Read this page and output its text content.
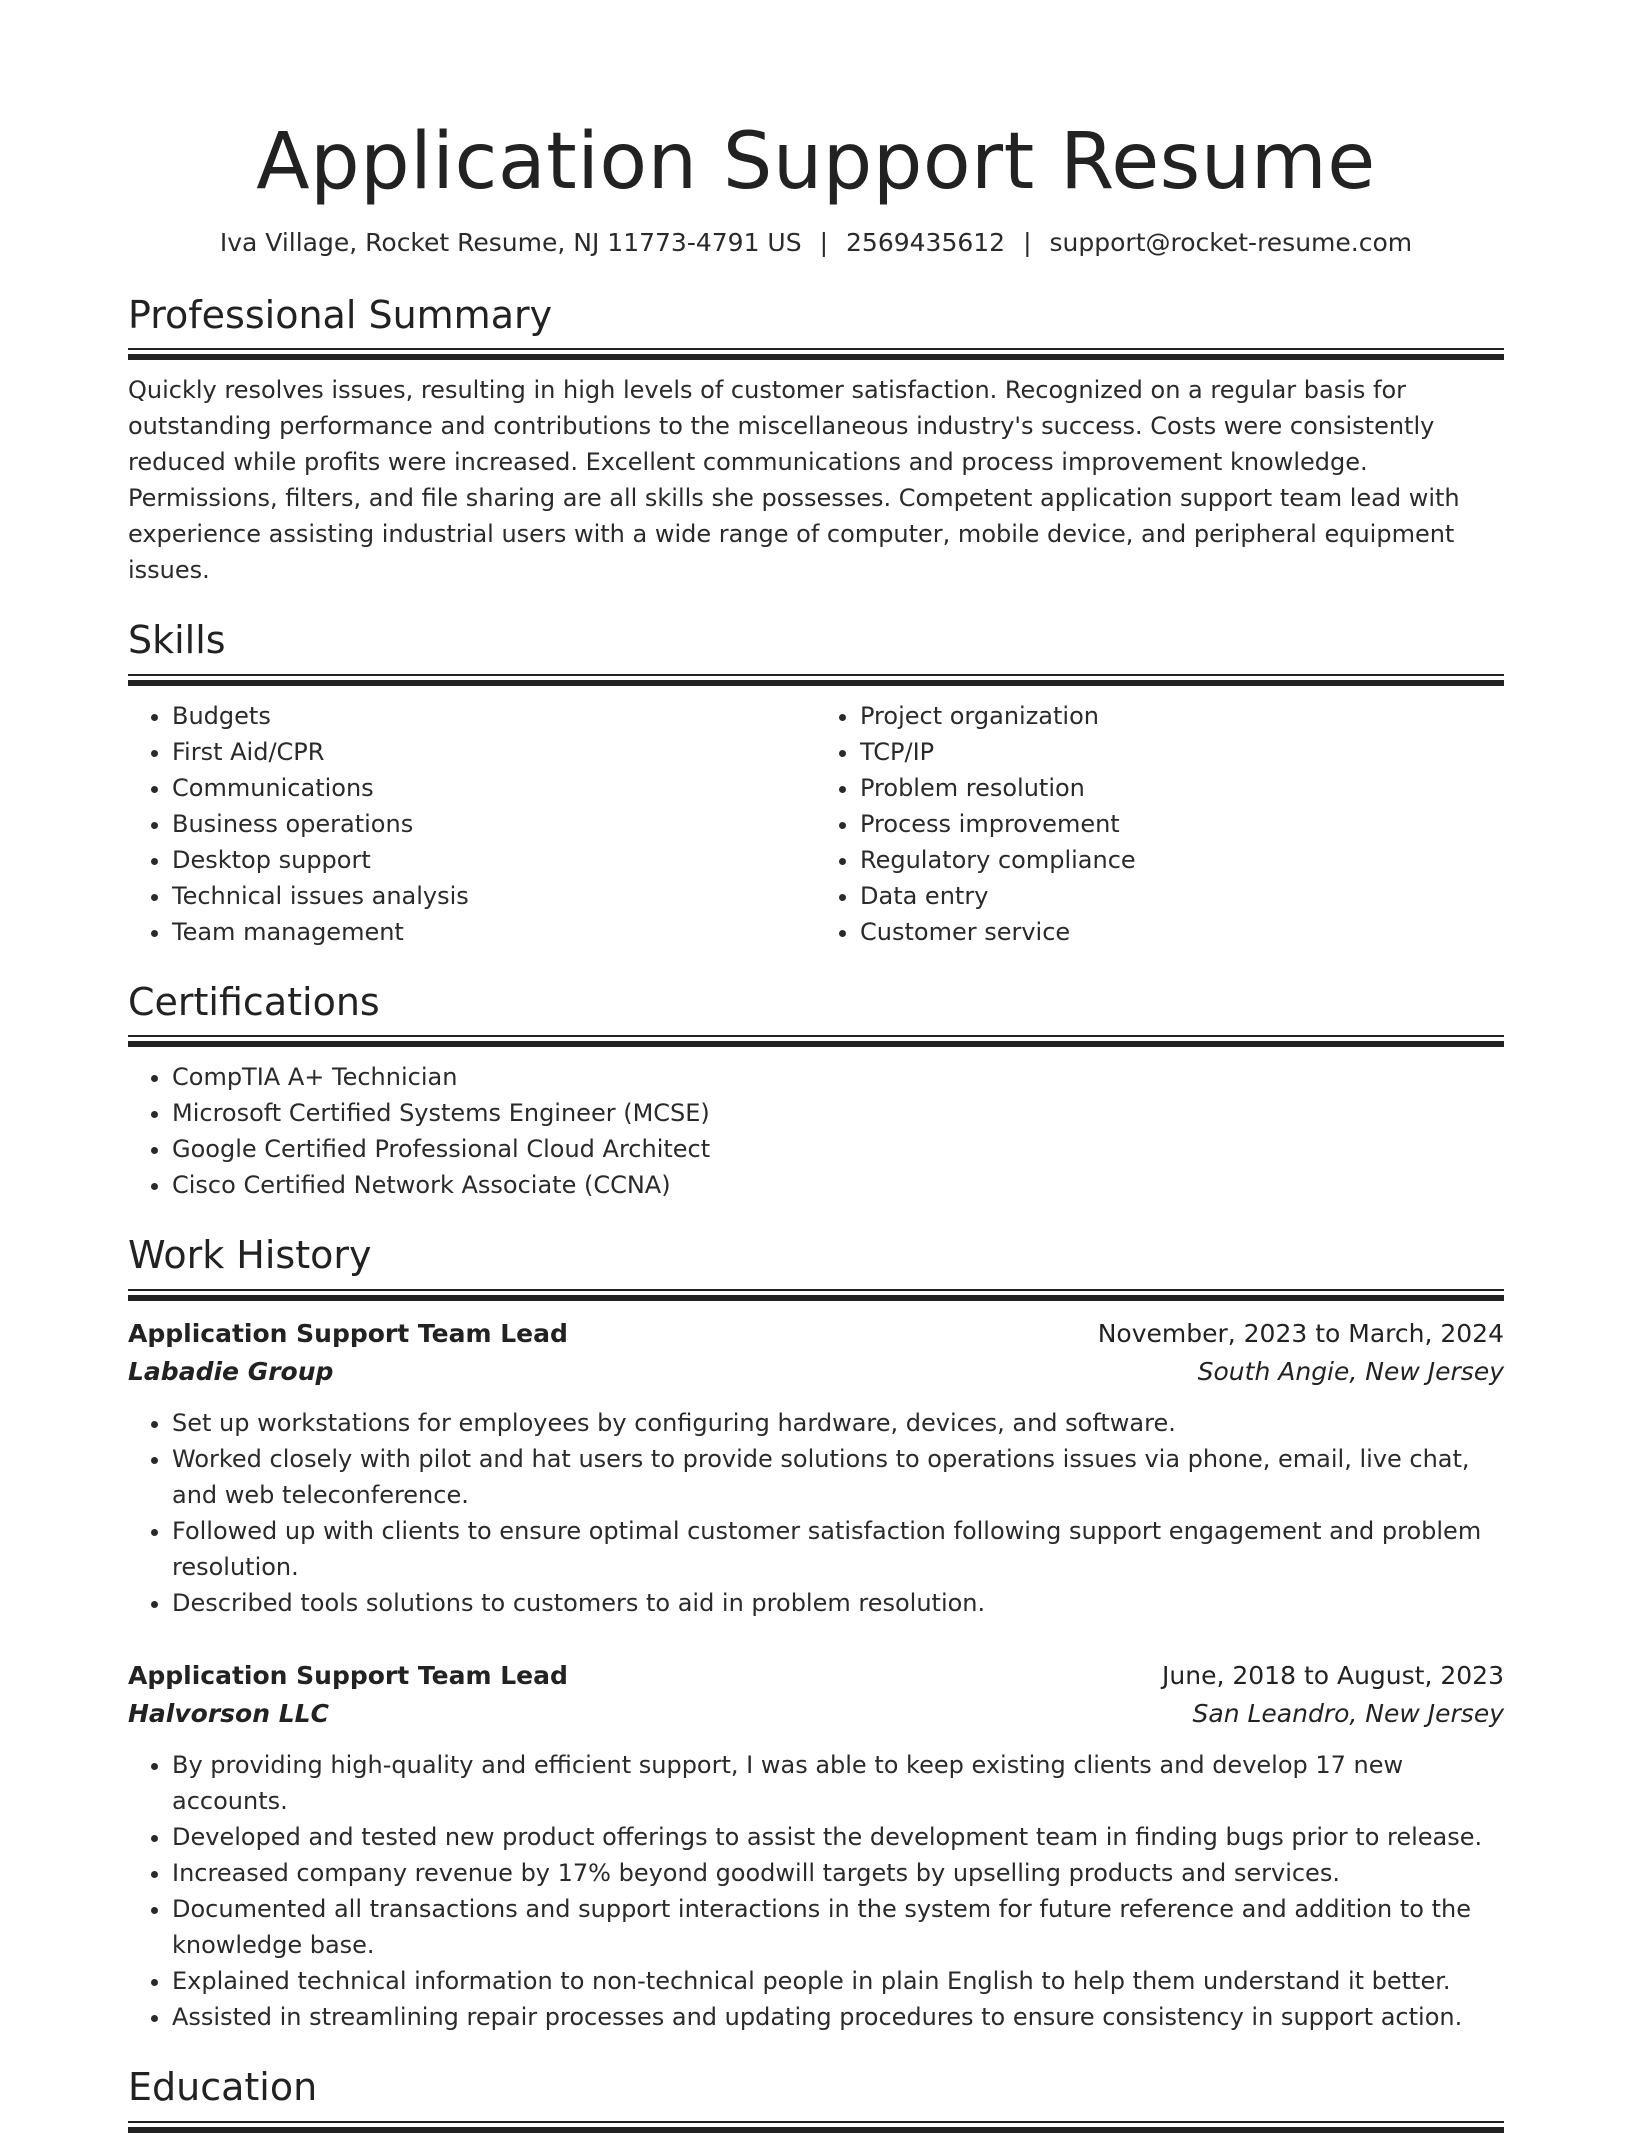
Application Support Resume
Iva Village, Rocket Resume, NJ 11773-4791 US | 2569435612 | support@rocket-resume.com
Professional Summary
Quickly resolves issues, resulting in high levels of customer satisfaction. Recognized on a regular basis for outstanding performance and contributions to the miscellaneous industry's success. Costs were consistently reduced while profits were increased. Excellent communications and process improvement knowledge. Permissions, filters, and file sharing are all skills she possesses. Competent application support team lead with experience assisting industrial users with a wide range of computer, mobile device, and peripheral equipment issues.
Skills
• Budgets
• First Aid/CPR
• Communications
• Business operations
• Desktop support
• Technical issues analysis
• Team management
• Project organization
• TCP/IP
• Problem resolution
• Process improvement
• Regulatory compliance
• Data entry
• Customer service
Certifications
• CompTIA A+ Technician
• Microsoft Certified Systems Engineer (MCSE)
• Google Certified Professional Cloud Architect
• Cisco Certified Network Associate (CCNA)
Work History
Application Support Team Lead	November, 2023 to March, 2024
Labadie Group	South Angie, New Jersey
• Set up workstations for employees by configuring hardware, devices, and software.
• Worked closely with pilot and hat users to provide solutions to operations issues via phone, email, live chat, and web teleconference.
• Followed up with clients to ensure optimal customer satisfaction following support engagement and problem resolution.
• Described tools solutions to customers to aid in problem resolution.
Application Support Team Lead	June, 2018 to August, 2023
Halvorson LLC	San Leandro, New Jersey
• By providing high-quality and efficient support, I was able to keep existing clients and develop 17 new accounts.
• Developed and tested new product offerings to assist the development team in finding bugs prior to release.
• Increased company revenue by 17% beyond goodwill targets by upselling products and services.
• Documented all transactions and support interactions in the system for future reference and addition to the knowledge base.
• Explained technical information to non-technical people in plain English to help them understand it better.
• Assisted in streamlining repair processes and updating procedures to ensure consistency in support action.
Education
